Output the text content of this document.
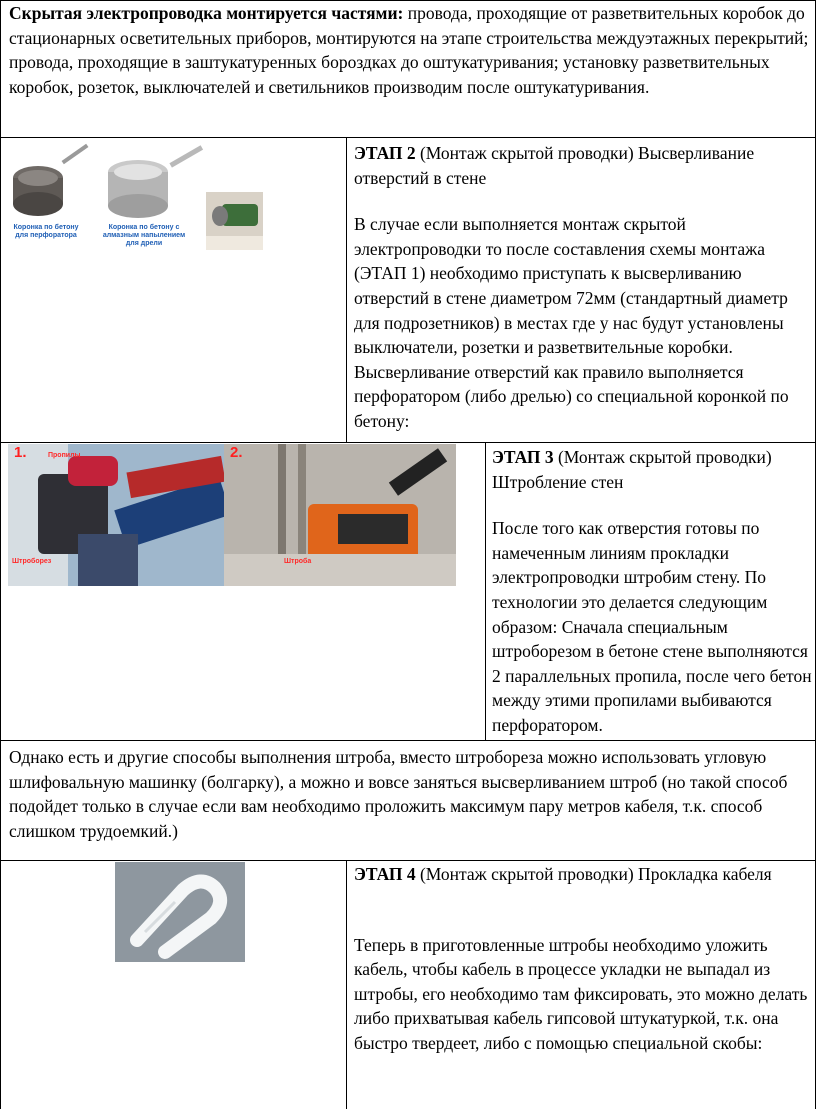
Скрытая электропроводка монтируется частями: провода, проходящие от разветвительных коробок до стационарных осветительных приборов, монтируются на этапе строительства междуэтажных перекрытий; провода, проходящие в заштукатуренных бороздках до оштукатуривания; установку разветвительных коробок, розеток, выключателей и светильников производим после оштукатуривания.

Коронка по бетону для перфоратора
Коронка по бетону с алмазным напылением для дрели

ЭТАП 2 (Монтаж скрытой проводки) Высверливание отверстий в стене

В случае если выполняется монтаж скрытой электропроводки то после составления схемы монтажа (ЭТАП 1) необходимо приступать к высверливанию отверстий в стене диаметром 72мм (стандартный диаметр для подрозетников) в местах где у нас будут установлены выключатели, розетки и разветвительные коробки. Высверливание отверстий как правило выполняется перфоратором (либо дрелью) со специальной коронкой по бетону:

1.	2.
Пропилы
Штроборез	Штроба

ЭТАП 3 (Монтаж скрытой проводки) Штробление стен

После того как отверстия готовы по намеченным линиям прокладки электропроводки штробим стену. По технологии это делается следующим образом: Сначала специальным штроборезом в бетоне стене выполняются 2 параллельных пропила, после чего бетон между этими пропилами выбиваются перфоратором.

Однако есть и другие способы выполнения штроба, вместо штробореза можно использовать угловую шлифовальную машинку (болгарку), а можно и вовсе заняться высверливанием штроб (но такой способ подойдет только в случае если вам необходимо проложить максимум пару метров кабеля, т.к. способ слишком трудоемкий.)

ЭТАП 4 (Монтаж скрытой проводки) Прокладка кабеля

Теперь в приготовленные штробы необходимо уложить кабель, чтобы кабель в процессе укладки не выпадал из штробы, его необходимо там фиксировать, это можно делать либо прихватывая кабель гипсовой штукатуркой, т.к. она быстро твердеет, либо с помощью специальной скобы:
